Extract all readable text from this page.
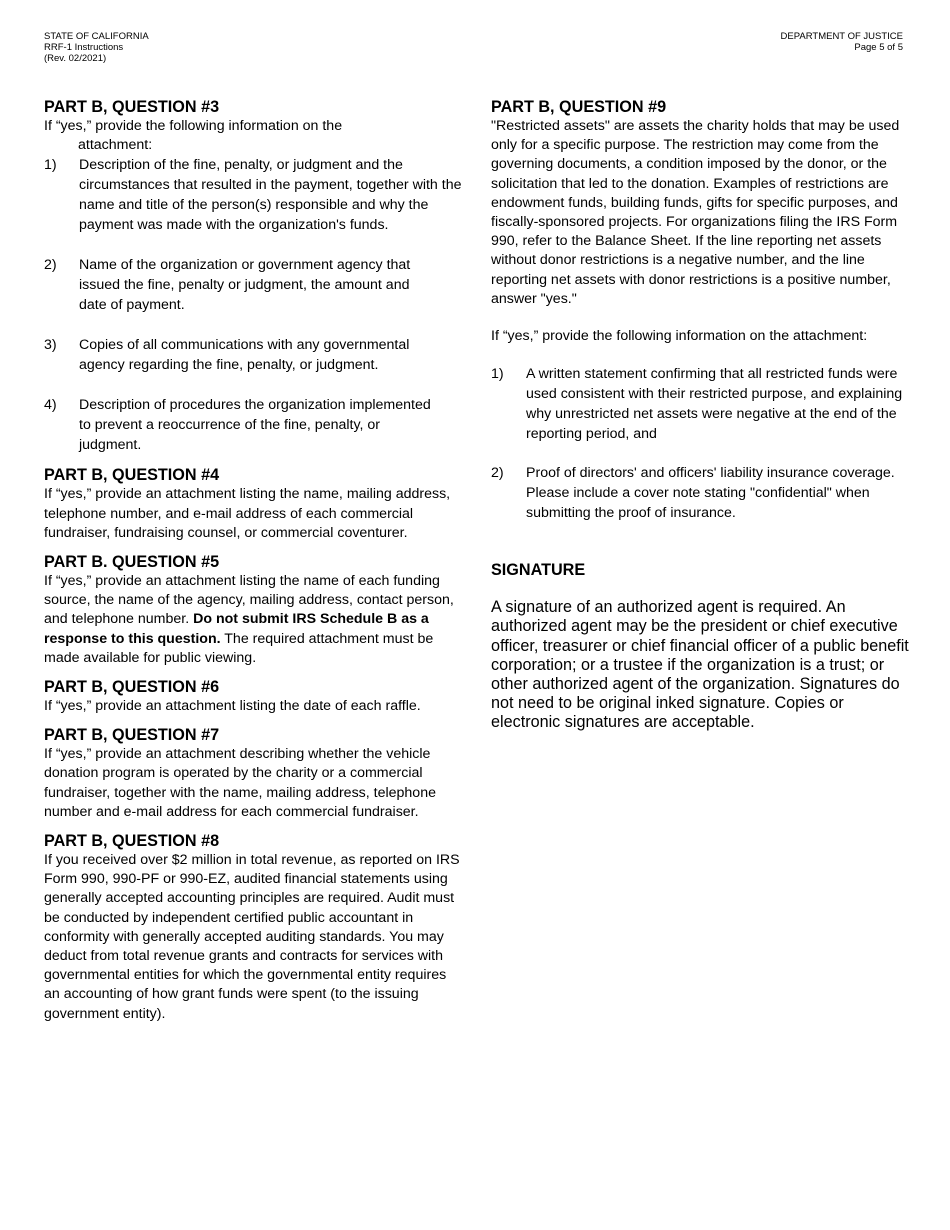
STATE OF CALIFORNIA
RRF-1 Instructions
(Rev. 02/2021)
DEPARTMENT OF JUSTICE
Page 5 of 5
PART B, QUESTION #3

If “yes,” provide the following information on the attachment:

1) Description of the fine, penalty, or judgment and the circumstances that resulted in the payment, together with the name and title of the person(s) responsible and why the payment was made with the organization's funds.
2) Name of the organization or government agency that issued the fine, penalty or judgment, the amount and date of payment.
3) Copies of all communications with any governmental agency regarding the fine, penalty, or judgment.
4) Description of procedures the organization implemented to prevent a reoccurrence of the fine, penalty, or judgment.
PART B, QUESTION #4

If “yes,” provide an attachment listing the name, mailing address, telephone number, and e-mail address of each commercial fundraiser, fundraising counsel, or commercial coventurer.

PART B. QUESTION #5

If “yes,” provide an attachment listing the name of each funding source, the name of the agency, mailing address, contact person, and telephone number. Do not submit IRS Schedule B as a response to this question. The required attachment must be made available for public viewing.

PART B, QUESTION #6

If “yes,” provide an attachment listing the date of each raffle.

PART B, QUESTION #7

If “yes,” provide an attachment describing whether the vehicle donation program is operated by the charity or a commercial fundraiser, together with the name, mailing address, telephone number and e-mail address for each commercial fundraiser.

PART B, QUESTION #8

If you received over $2 million in total revenue, as reported on IRS Form 990, 990-PF or 990-EZ, audited financial statements using generally accepted accounting principles are required. Audit must be conducted by independent certified public accountant in conformity with generally accepted auditing standards. You may deduct from total revenue grants and contracts for services with governmental entities for which the governmental entity requires an accounting of how grant funds were spent (to the issuing government entity).

PART B, QUESTION #9

"Restricted assets" are assets the charity holds that may be used only for a specific purpose. The restriction may come from the governing documents, a condition imposed by the donor, or the solicitation that led to the donation. Examples of restrictions are endowment funds, building funds, gifts for specific purposes, and fiscally-sponsored projects. For organizations filing the IRS Form 990, refer to the Balance Sheet. If the line reporting net assets without donor restrictions is a negative number, and the line reporting net assets with donor restrictions is a positive number, answer "yes."

If “yes,” provide the following information on the attachment:

1) A written statement confirming that all restricted funds were used consistent with their restricted purpose, and explaining why unrestricted net assets were negative at the end of the reporting period, and
2) Proof of directors' and officers' liability insurance coverage. Please include a cover note stating "confidential" when submitting the proof of insurance.
SIGNATURE

A signature of an authorized agent is required. An authorized agent may be the president or chief executive officer, treasurer or chief financial officer of a public benefit corporation; or a trustee if the organization is a trust; or other authorized agent of the organization. Signatures do not need to be original inked signature. Copies or electronic signatures are acceptable.
